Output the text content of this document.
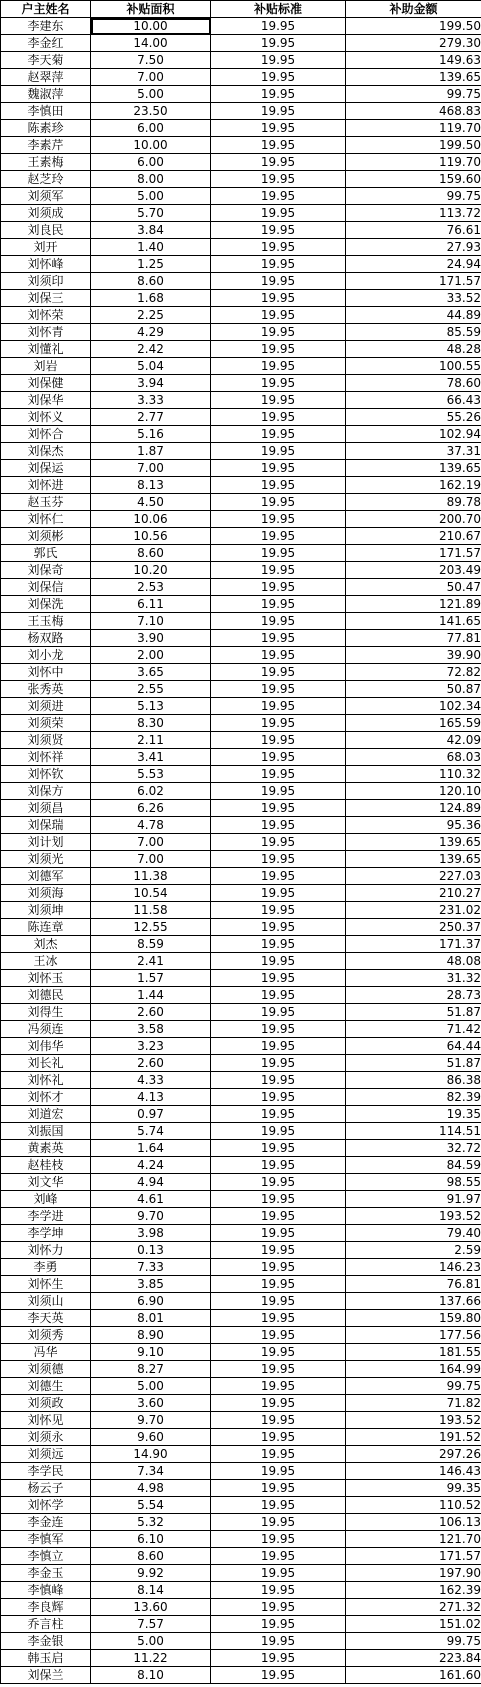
户主姓名	补贴面积	补贴标准	补助金额
李建东	10.00	19.95	199.50
李金红	14.00	19.95	279.30
李天菊	7.50	19.95	149.63
赵翠萍	7.00	19.95	139.65
魏淑萍	5.00	19.95	99.75
李慎田	23.50	19.95	468.83
陈素珍	6.00	19.95	119.70
李素芹	10.00	19.95	199.50
王素梅	6.00	19.95	119.70
赵芝玲	8.00	19.95	159.60
刘须军	5.00	19.95	99.75
刘须成	5.70	19.95	113.72
刘良民	3.84	19.95	76.61
刘开	1.40	19.95	27.93
刘怀峰	1.25	19.95	24.94
刘须印	8.60	19.95	171.57
刘保三	1.68	19.95	33.52
刘怀荣	2.25	19.95	44.89
刘怀青	4.29	19.95	85.59
刘懂礼	2.42	19.95	48.28
刘岩	5.04	19.95	100.55
刘保健	3.94	19.95	78.60
刘保华	3.33	19.95	66.43
刘怀义	2.77	19.95	55.26
刘怀合	5.16	19.95	102.94
刘保杰	1.87	19.95	37.31
刘保运	7.00	19.95	139.65
刘怀进	8.13	19.95	162.19
赵玉芬	4.50	19.95	89.78
刘怀仁	10.06	19.95	200.70
刘须彬	10.56	19.95	210.67
郭氏	8.60	19.95	171.57
刘保奇	10.20	19.95	203.49
刘保信	2.53	19.95	50.47
刘保洗	6.11	19.95	121.89
王玉梅	7.10	19.95	141.65
杨双路	3.90	19.95	77.81
刘小龙	2.00	19.95	39.90
刘怀中	3.65	19.95	72.82
张秀英	2.55	19.95	50.87
刘须进	5.13	19.95	102.34
刘须荣	8.30	19.95	165.59
刘须贤	2.11	19.95	42.09
刘怀祥	3.41	19.95	68.03
刘怀钦	5.53	19.95	110.32
刘保方	6.02	19.95	120.10
刘须昌	6.26	19.95	124.89
刘保瑞	4.78	19.95	95.36
刘计划	7.00	19.95	139.65
刘须光	7.00	19.95	139.65
刘德军	11.38	19.95	227.03
刘须海	10.54	19.95	210.27
刘须坤	11.58	19.95	231.02
陈连章	12.55	19.95	250.37
刘杰	8.59	19.95	171.37
王冰	2.41	19.95	48.08
刘怀玉	1.57	19.95	31.32
刘德民	1.44	19.95	28.73
刘得生	2.60	19.95	51.87
冯须连	3.58	19.95	71.42
刘伟华	3.23	19.95	64.44
刘长礼	2.60	19.95	51.87
刘怀礼	4.33	19.95	86.38
刘怀才	4.13	19.95	82.39
刘道宏	0.97	19.95	19.35
刘振国	5.74	19.95	114.51
黄素英	1.64	19.95	32.72
赵桂枝	4.24	19.95	84.59
刘文华	4.94	19.95	98.55
刘峰	4.61	19.95	91.97
李学进	9.70	19.95	193.52
李学坤	3.98	19.95	79.40
刘怀力	0.13	19.95	2.59
李勇	7.33	19.95	146.23
刘怀生	3.85	19.95	76.81
刘须山	6.90	19.95	137.66
李天英	8.01	19.95	159.80
刘须秀	8.90	19.95	177.56
冯华	9.10	19.95	181.55
刘须德	8.27	19.95	164.99
刘德生	5.00	19.95	99.75
刘须政	3.60	19.95	71.82
刘怀见	9.70	19.95	193.52
刘须永	9.60	19.95	191.52
刘须远	14.90	19.95	297.26
李学民	7.34	19.95	146.43
杨云子	4.98	19.95	99.35
刘怀学	5.54	19.95	110.52
李金连	5.32	19.95	106.13
李慎军	6.10	19.95	121.70
李慎立	8.60	19.95	171.57
李金玉	9.92	19.95	197.90
李慎峰	8.14	19.95	162.39
李良辉	13.60	19.95	271.32
乔言柱	7.57	19.95	151.02
李金银	5.00	19.95	99.75
韩玉启	11.22	19.95	223.84
刘保兰	8.10	19.95	161.60
